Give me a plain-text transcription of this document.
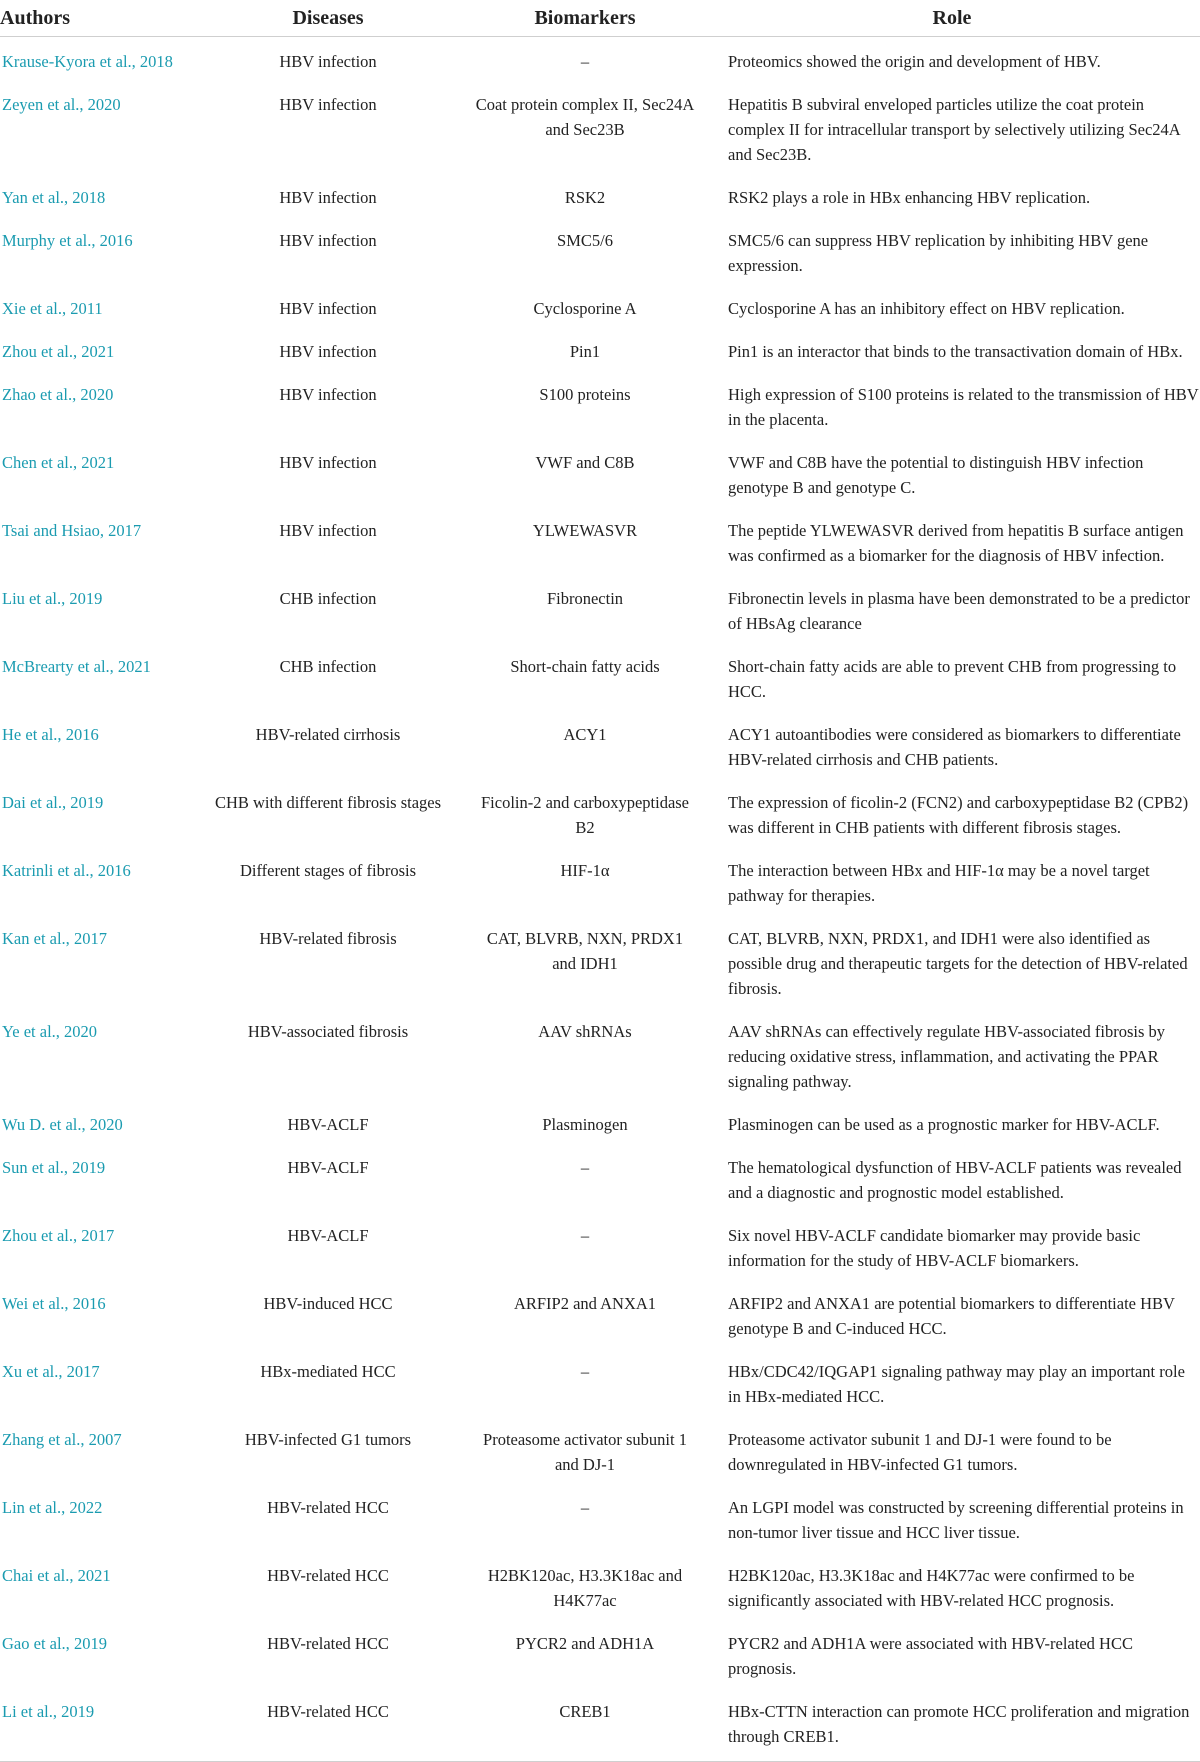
Authors	Diseases	Biomarkers	Role
Krause-Kyora et al., 2018	HBV infection	–	Proteomics showed the origin and development of HBV.
Zeyen et al., 2020	HBV infection	Coat protein complex II, Sec24A and Sec23B	Hepatitis B subviral enveloped particles utilize the coat protein complex II for intracellular transport by selectively utilizing Sec24A and Sec23B.
Yan et al., 2018	HBV infection	RSK2	RSK2 plays a role in HBx enhancing HBV replication.
Murphy et al., 2016	HBV infection	SMC5/6	SMC5/6 can suppress HBV replication by inhibiting HBV gene expression.
Xie et al., 2011	HBV infection	Cyclosporine A	Cyclosporine A has an inhibitory effect on HBV replication.
Zhou et al., 2021	HBV infection	Pin1	Pin1 is an interactor that binds to the transactivation domain of HBx.
Zhao et al., 2020	HBV infection	S100 proteins	High expression of S100 proteins is related to the transmission of HBV in the placenta.
Chen et al., 2021	HBV infection	VWF and C8B	VWF and C8B have the potential to distinguish HBV infection genotype B and genotype C.
Tsai and Hsiao, 2017	HBV infection	YLWEWASVR	The peptide YLWEWASVR derived from hepatitis B surface antigen was confirmed as a biomarker for the diagnosis of HBV infection.
Liu et al., 2019	CHB infection	Fibronectin	Fibronectin levels in plasma have been demonstrated to be a predictor of HBsAg clearance
McBrearty et al., 2021	CHB infection	Short-chain fatty acids	Short-chain fatty acids are able to prevent CHB from progressing to HCC.
He et al., 2016	HBV-related cirrhosis	ACY1	ACY1 autoantibodies were considered as biomarkers to differentiate HBV-related cirrhosis and CHB patients.
Dai et al., 2019	CHB with different fibrosis stages	Ficolin-2 and carboxypeptidase B2	The expression of ficolin-2 (FCN2) and carboxypeptidase B2 (CPB2) was different in CHB patients with different fibrosis stages.
Katrinli et al., 2016	Different stages of fibrosis	HIF-1α	The interaction between HBx and HIF-1α may be a novel target pathway for therapies.
Kan et al., 2017	HBV-related fibrosis	CAT, BLVRB, NXN, PRDX1 and IDH1	CAT, BLVRB, NXN, PRDX1, and IDH1 were also identified as possible drug and therapeutic targets for the detection of HBV-related fibrosis.
Ye et al., 2020	HBV-associated fibrosis	AAV shRNAs	AAV shRNAs can effectively regulate HBV-associated fibrosis by reducing oxidative stress, inflammation, and activating the PPAR signaling pathway.
Wu D. et al., 2020	HBV-ACLF	Plasminogen	Plasminogen can be used as a prognostic marker for HBV-ACLF.
Sun et al., 2019	HBV-ACLF	–	The hematological dysfunction of HBV-ACLF patients was revealed and a diagnostic and prognostic model established.
Zhou et al., 2017	HBV-ACLF	–	Six novel HBV-ACLF candidate biomarker may provide basic information for the study of HBV-ACLF biomarkers.
Wei et al., 2016	HBV-induced HCC	ARFIP2 and ANXA1	ARFIP2 and ANXA1 are potential biomarkers to differentiate HBV genotype B and C-induced HCC.
Xu et al., 2017	HBx-mediated HCC	–	HBx/CDC42/IQGAP1 signaling pathway may play an important role in HBx-mediated HCC.
Zhang et al., 2007	HBV-infected G1 tumors	Proteasome activator subunit 1 and DJ-1	Proteasome activator subunit 1 and DJ-1 were found to be downregulated in HBV-infected G1 tumors.
Lin et al., 2022	HBV-related HCC	–	An LGPI model was constructed by screening differential proteins in non-tumor liver tissue and HCC liver tissue.
Chai et al., 2021	HBV-related HCC	H2BK120ac, H3.3K18ac and H4K77ac	H2BK120ac, H3.3K18ac and H4K77ac were confirmed to be significantly associated with HBV-related HCC prognosis.
Gao et al., 2019	HBV-related HCC	PYCR2 and ADH1A	PYCR2 and ADH1A were associated with HBV-related HCC prognosis.
Li et al., 2019	HBV-related HCC	CREB1	HBx-CTTN interaction can promote HCC proliferation and migration through CREB1.
